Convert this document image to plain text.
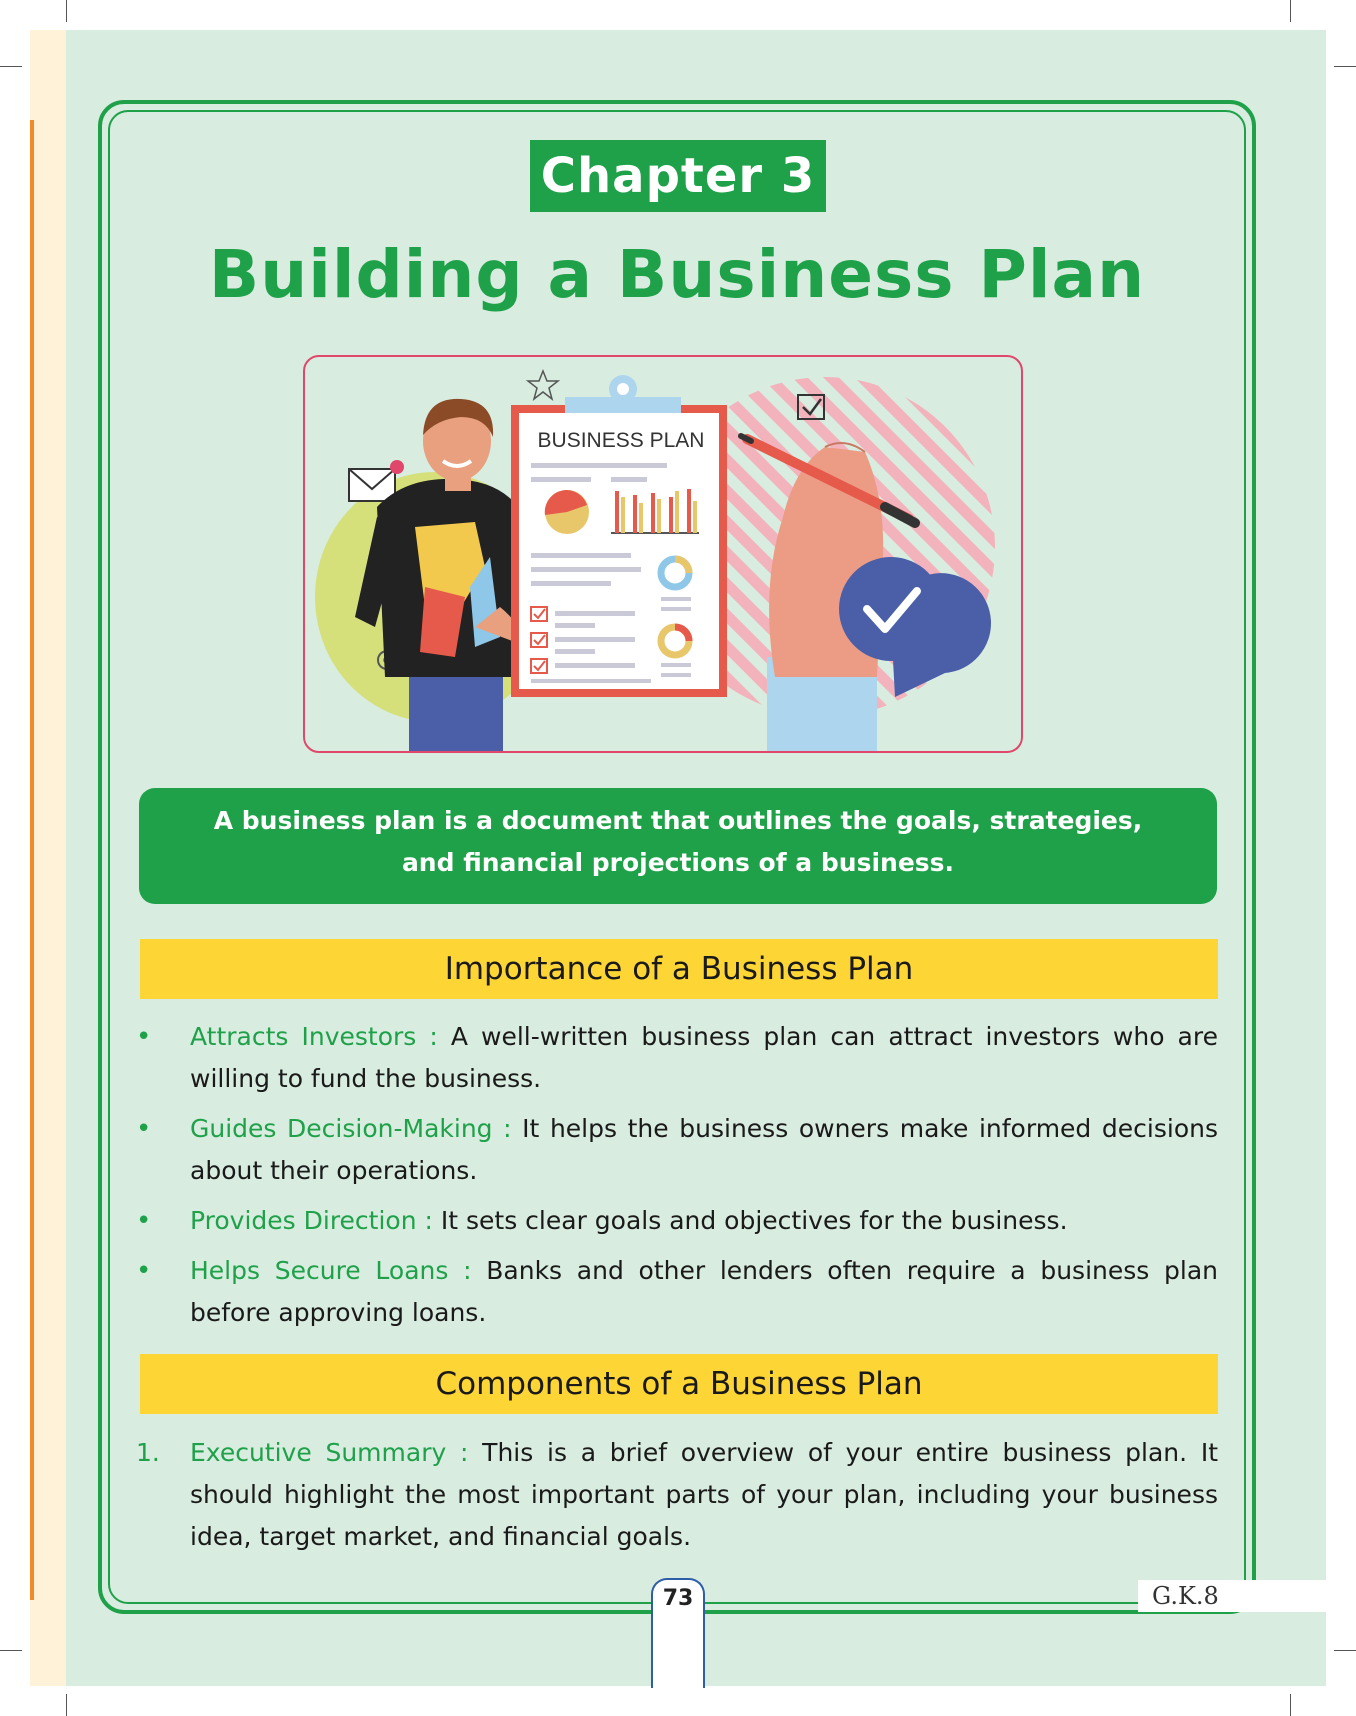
Chapter 3
Building a Business Plan
BUSINESS PLAN
A business plan is a document that outlines the goals, strategies, and financial projections of a business.
Importance of a Business Plan
• Attracts Investors : A well-written business plan can attract investors who are willing to fund the business.
• Guides Decision-Making : It helps the business owners make informed decisions about their operations.
• Provides Direction : It sets clear goals and objectives for the business.
• Helps Secure Loans : Banks and other lenders often require a business plan before approving loans.
Components of a Business Plan
1. Executive Summary : This is a brief overview of your entire business plan. It should highlight the most important parts of your plan, including your business idea, target market, and financial goals.
73	G.K.8
